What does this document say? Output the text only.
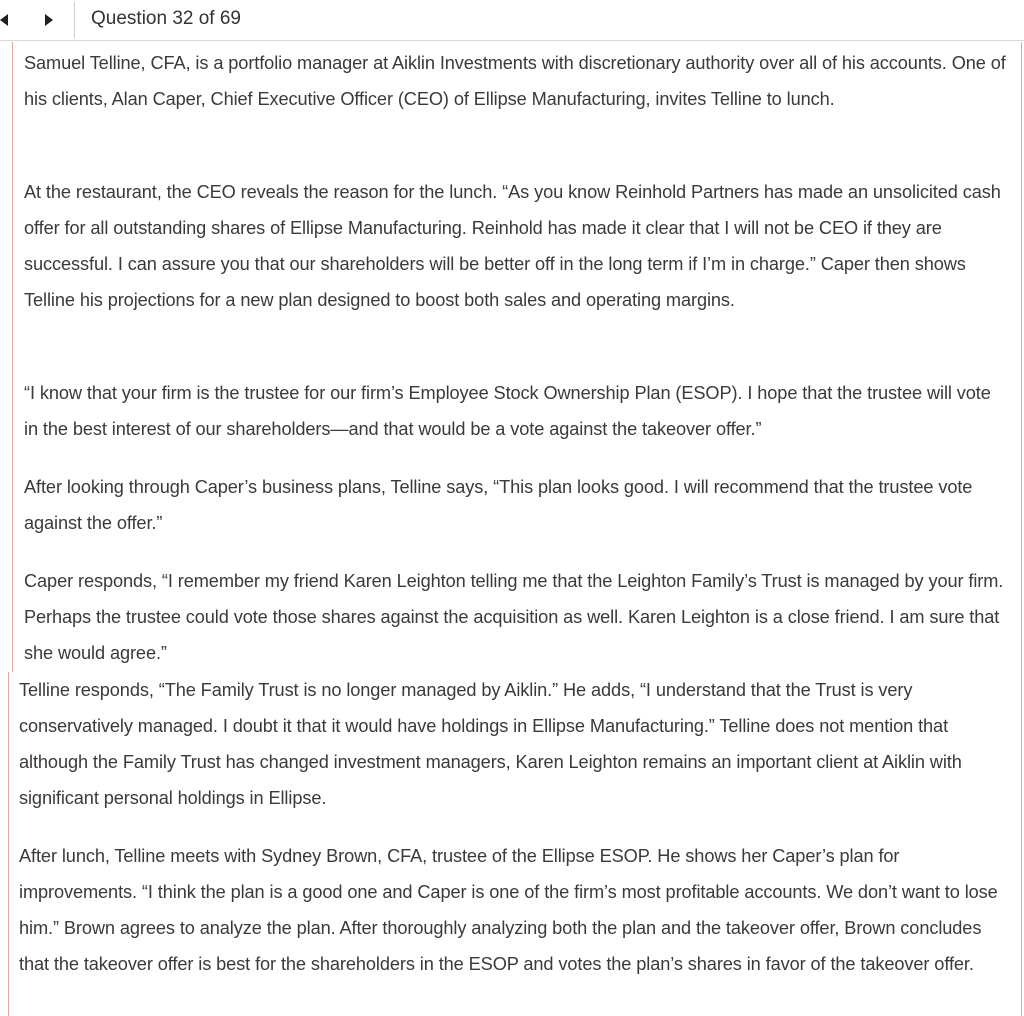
Question 32 of 69

Samuel Telline, CFA, is a portfolio manager at Aiklin Investments with discretionary authority over all of his accounts. One of his clients, Alan Caper, Chief Executive Officer (CEO) of Ellipse Manufacturing, invites Telline to lunch.

At the restaurant, the CEO reveals the reason for the lunch. “As you know Reinhold Partners has made an unsolicited cash offer for all outstanding shares of Ellipse Manufacturing. Reinhold has made it clear that I will not be CEO if they are successful. I can assure you that our shareholders will be better off in the long term if I’m in charge.” Caper then shows Telline his projections for a new plan designed to boost both sales and operating margins.

“I know that your firm is the trustee for our firm’s Employee Stock Ownership Plan (ESOP). I hope that the trustee will vote in the best interest of our shareholders—and that would be a vote against the takeover offer.”

After looking through Caper’s business plans, Telline says, “This plan looks good. I will recommend that the trustee vote against the offer.”

Caper responds, “I remember my friend Karen Leighton telling me that the Leighton Family’s Trust is managed by your firm. Perhaps the trustee could vote those shares against the acquisition as well. Karen Leighton is a close friend. I am sure that she would agree.”

Telline responds, “The Family Trust is no longer managed by Aiklin.” He adds, “I understand that the Trust is very conservatively managed. I doubt it that it would have holdings in Ellipse Manufacturing.” Telline does not mention that although the Family Trust has changed investment managers, Karen Leighton remains an important client at Aiklin with significant personal holdings in Ellipse.

After lunch, Telline meets with Sydney Brown, CFA, trustee of the Ellipse ESOP. He shows her Caper’s plan for improvements. “I think the plan is a good one and Caper is one of the firm’s most profitable accounts. We don’t want to lose him.” Brown agrees to analyze the plan. After thoroughly analyzing both the plan and the takeover offer, Brown concludes that the takeover offer is best for the shareholders in the ESOP and votes the plan’s shares in favor of the takeover offer.
